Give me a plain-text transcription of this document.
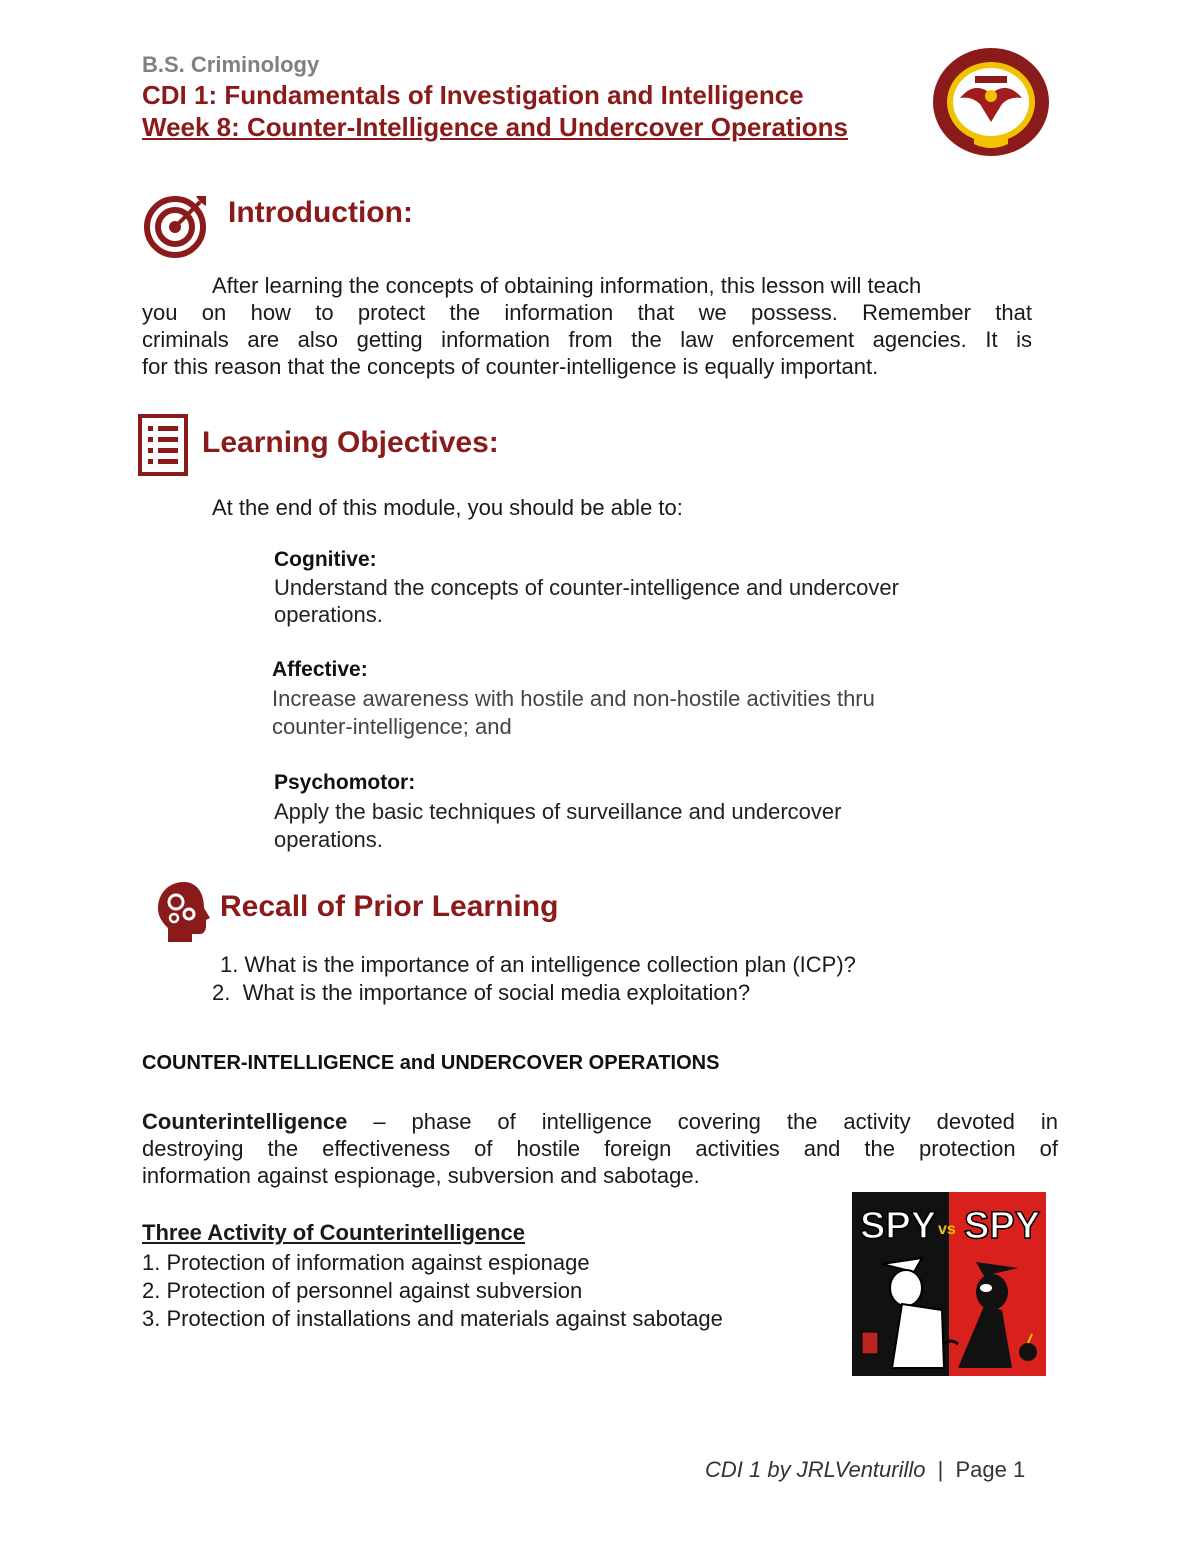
B.S. Criminology
CDI 1: Fundamentals of Investigation and Intelligence
Week 8: Counter-Intelligence and Undercover Operations
Introduction:
After learning the concepts of obtaining information, this lesson will teach
you on how to protect the information that we possess. Remember that
criminals are also getting information from the law enforcement agencies. It is
for this reason that the concepts of counter-intelligence is equally important.
Learning Objectives:
At the end of this module, you should be able to:
Cognitive:
Understand the concepts of counter-intelligence and undercover
operations.
Affective:
Increase awareness with hostile and non-hostile activities thru
counter-intelligence; and
Psychomotor:
Apply the basic techniques of surveillance and undercover
operations.
Recall of Prior Learning
1. What is the importance of an intelligence collection plan (ICP)?
2. What is the importance of social media exploitation?
COUNTER-INTELLIGENCE and UNDERCOVER OPERATIONS
Counterintelligence – phase of intelligence covering the activity devoted in
destroying the effectiveness of hostile foreign activities and the protection of
information against espionage, subversion and sabotage.
Three Activity of Counterintelligence
1. Protection of information against espionage
2. Protection of personnel against subversion
3. Protection of installations and materials against sabotage
SPY vs SPY
CDI 1 by JRLVenturillo | Page 1
